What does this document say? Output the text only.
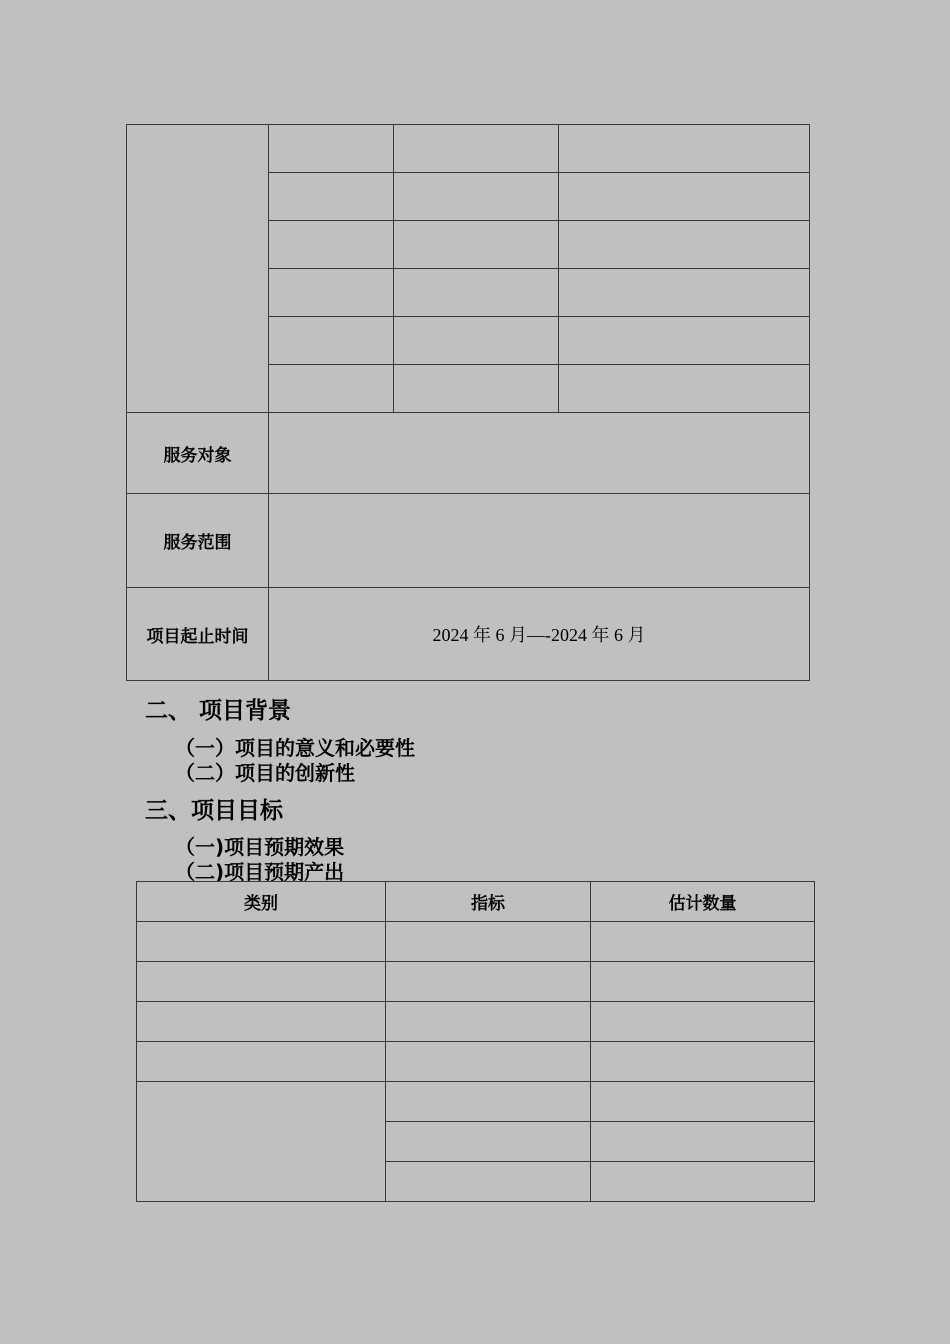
服务对象			
服务范围			
项目起止时间	2024 年 6 月—-2024 年 6 月		
二、 项目背景
（一）项目的意义和必要性
（二）项目的创新性
三、项目目标
（一)项目预期效果
（二)项目预期产出
类别	指标	估计数量
